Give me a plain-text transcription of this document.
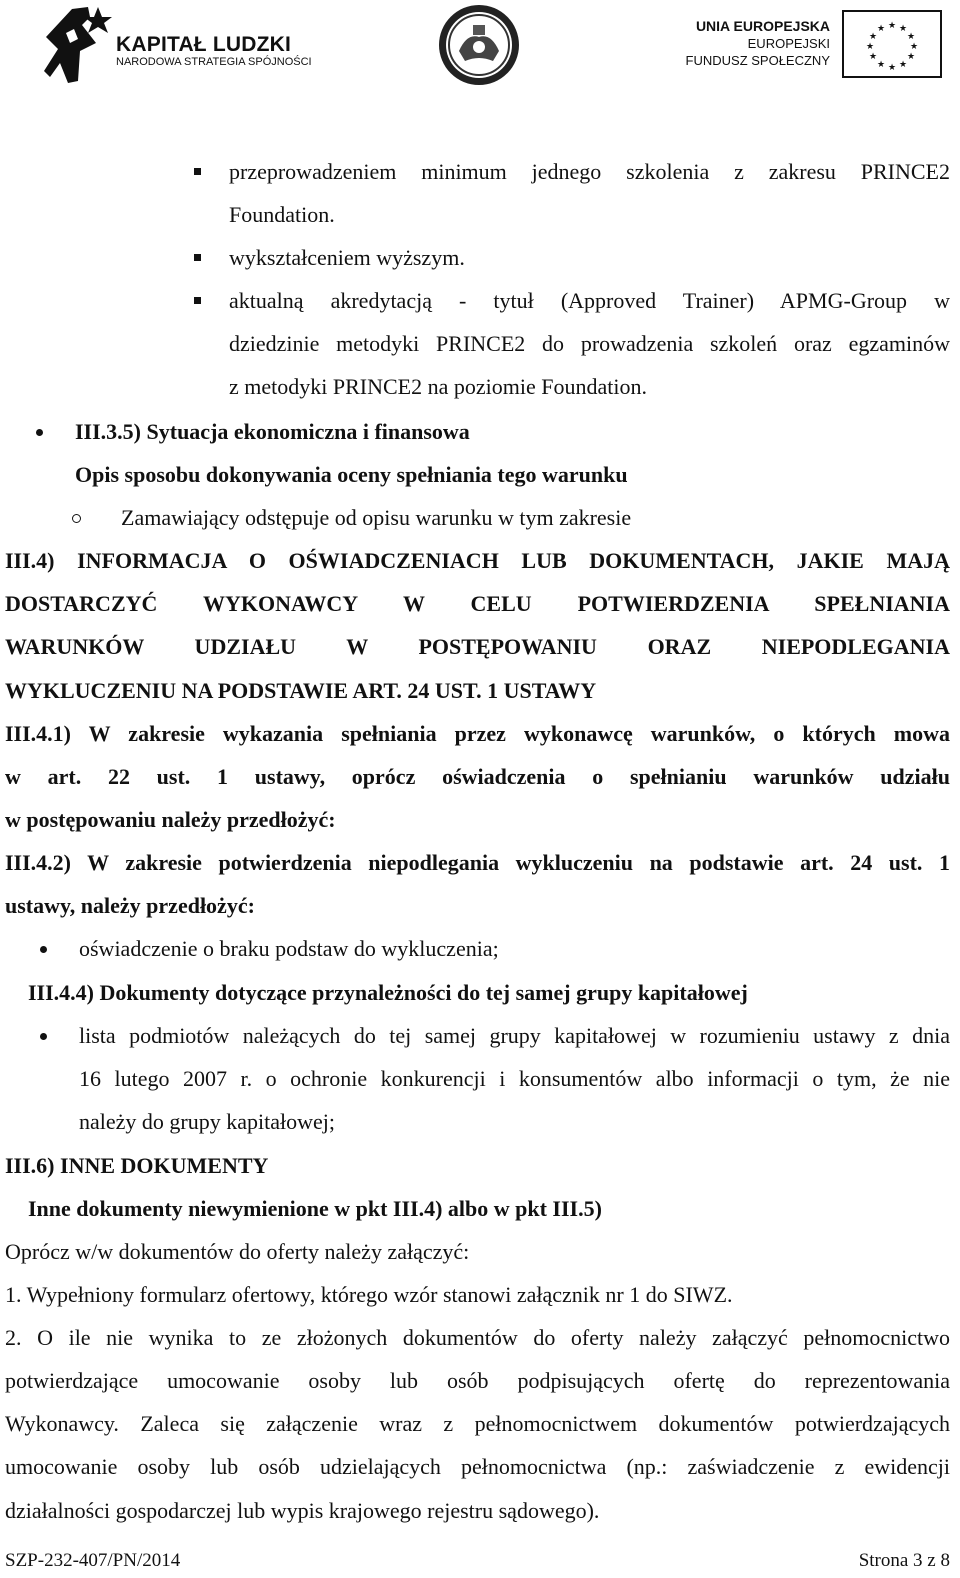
KAPITAŁ LUDZKI
NARODOWA STRATEGIA SPÓJNOŚCI
UNIA EUROPEJSKA
EUROPEJSKI
FUNDUSZ SPOŁECZNY
★ ★
★
★
★
★
★
★
★
★
★
★
przeprowadzeniem minimum jednego szkolenia z zakresu PRINCE2
Foundation.
wykształceniem wyższym.
aktualną akredytacją - tytuł (Approved Trainer) APMG-Group w
dziedzinie metodyki PRINCE2 do prowadzenia szkoleń oraz egzaminów
z metodyki PRINCE2 na poziomie Foundation.
III.3.5) Sytuacja ekonomiczna i finansowa
Opis sposobu dokonywania oceny spełniania tego warunku
Zamawiający odstępuje od opisu warunku w tym zakresie
III.4) INFORMACJA O OŚWIADCZENIACH LUB DOKUMENTACH, JAKIE MAJĄ
DOSTARCZYĆ WYKONAWCY W CELU POTWIERDZENIA SPEŁNIANIA
WARUNKÓW UDZIAŁU W POSTĘPOWANIU ORAZ NIEPODLEGANIA
WYKLUCZENIU NA PODSTAWIE ART. 24 UST. 1 USTAWY
III.4.1) W zakresie wykazania spełniania przez wykonawcę warunków, o których mowa
w art. 22 ust. 1 ustawy, oprócz oświadczenia o spełnianiu warunków udziału
w postępowaniu należy przedłożyć:
III.4.2) W zakresie potwierdzenia niepodlegania wykluczeniu na podstawie art. 24 ust. 1
ustawy, należy przedłożyć:
oświadczenie o braku podstaw do wykluczenia;
III.4.4) Dokumenty dotyczące przynależności do tej samej grupy kapitałowej
lista podmiotów należących do tej samej grupy kapitałowej w rozumieniu ustawy z dnia
16 lutego 2007 r. o ochronie konkurencji i konsumentów albo informacji o tym, że nie
należy do grupy kapitałowej;
III.6) INNE DOKUMENTY
Inne dokumenty niewymienione w pkt III.4) albo w pkt III.5)
Oprócz w/w dokumentów do oferty należy załączyć:
1. Wypełniony formularz ofertowy, którego wzór stanowi załącznik nr 1 do SIWZ.
2. O ile nie wynika to ze złożonych dokumentów do oferty należy załączyć pełnomocnictwo
potwierdzające umocowanie osoby lub osób podpisujących ofertę do reprezentowania
Wykonawcy. Zaleca się załączenie wraz z pełnomocnictwem dokumentów potwierdzających
umocowanie osoby lub osób udzielających pełnomocnictwa (np.: zaświadczenie z ewidencji
działalności gospodarczej lub wypis krajowego rejestru sądowego).
SZP-232-407/PN/2014	Strona 3 z 8
